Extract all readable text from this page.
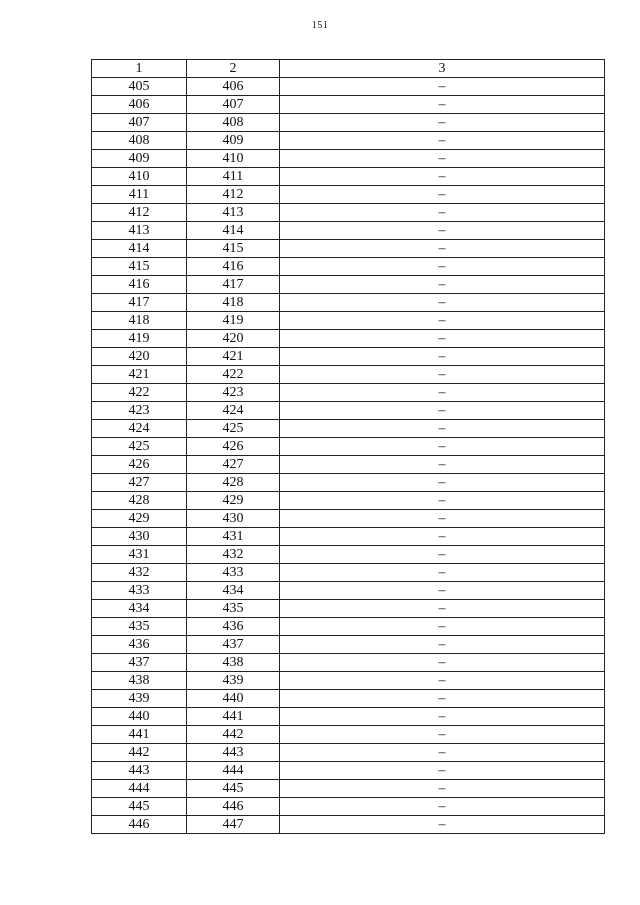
151
1	2	3
405	406	–
406	407	–
407	408	–
408	409	–
409	410	–
410	411	–
411	412	–
412	413	–
413	414	–
414	415	–
415	416	–
416	417	–
417	418	–
418	419	–
419	420	–
420	421	–
421	422	–
422	423	–
423	424	–
424	425	–
425	426	–
426	427	–
427	428	–
428	429	–
429	430	–
430	431	–
431	432	–
432	433	–
433	434	–
434	435	–
435	436	–
436	437	–
437	438	–
438	439	–
439	440	–
440	441	–
441	442	–
442	443	–
443	444	–
444	445	–
445	446	–
446	447	–
